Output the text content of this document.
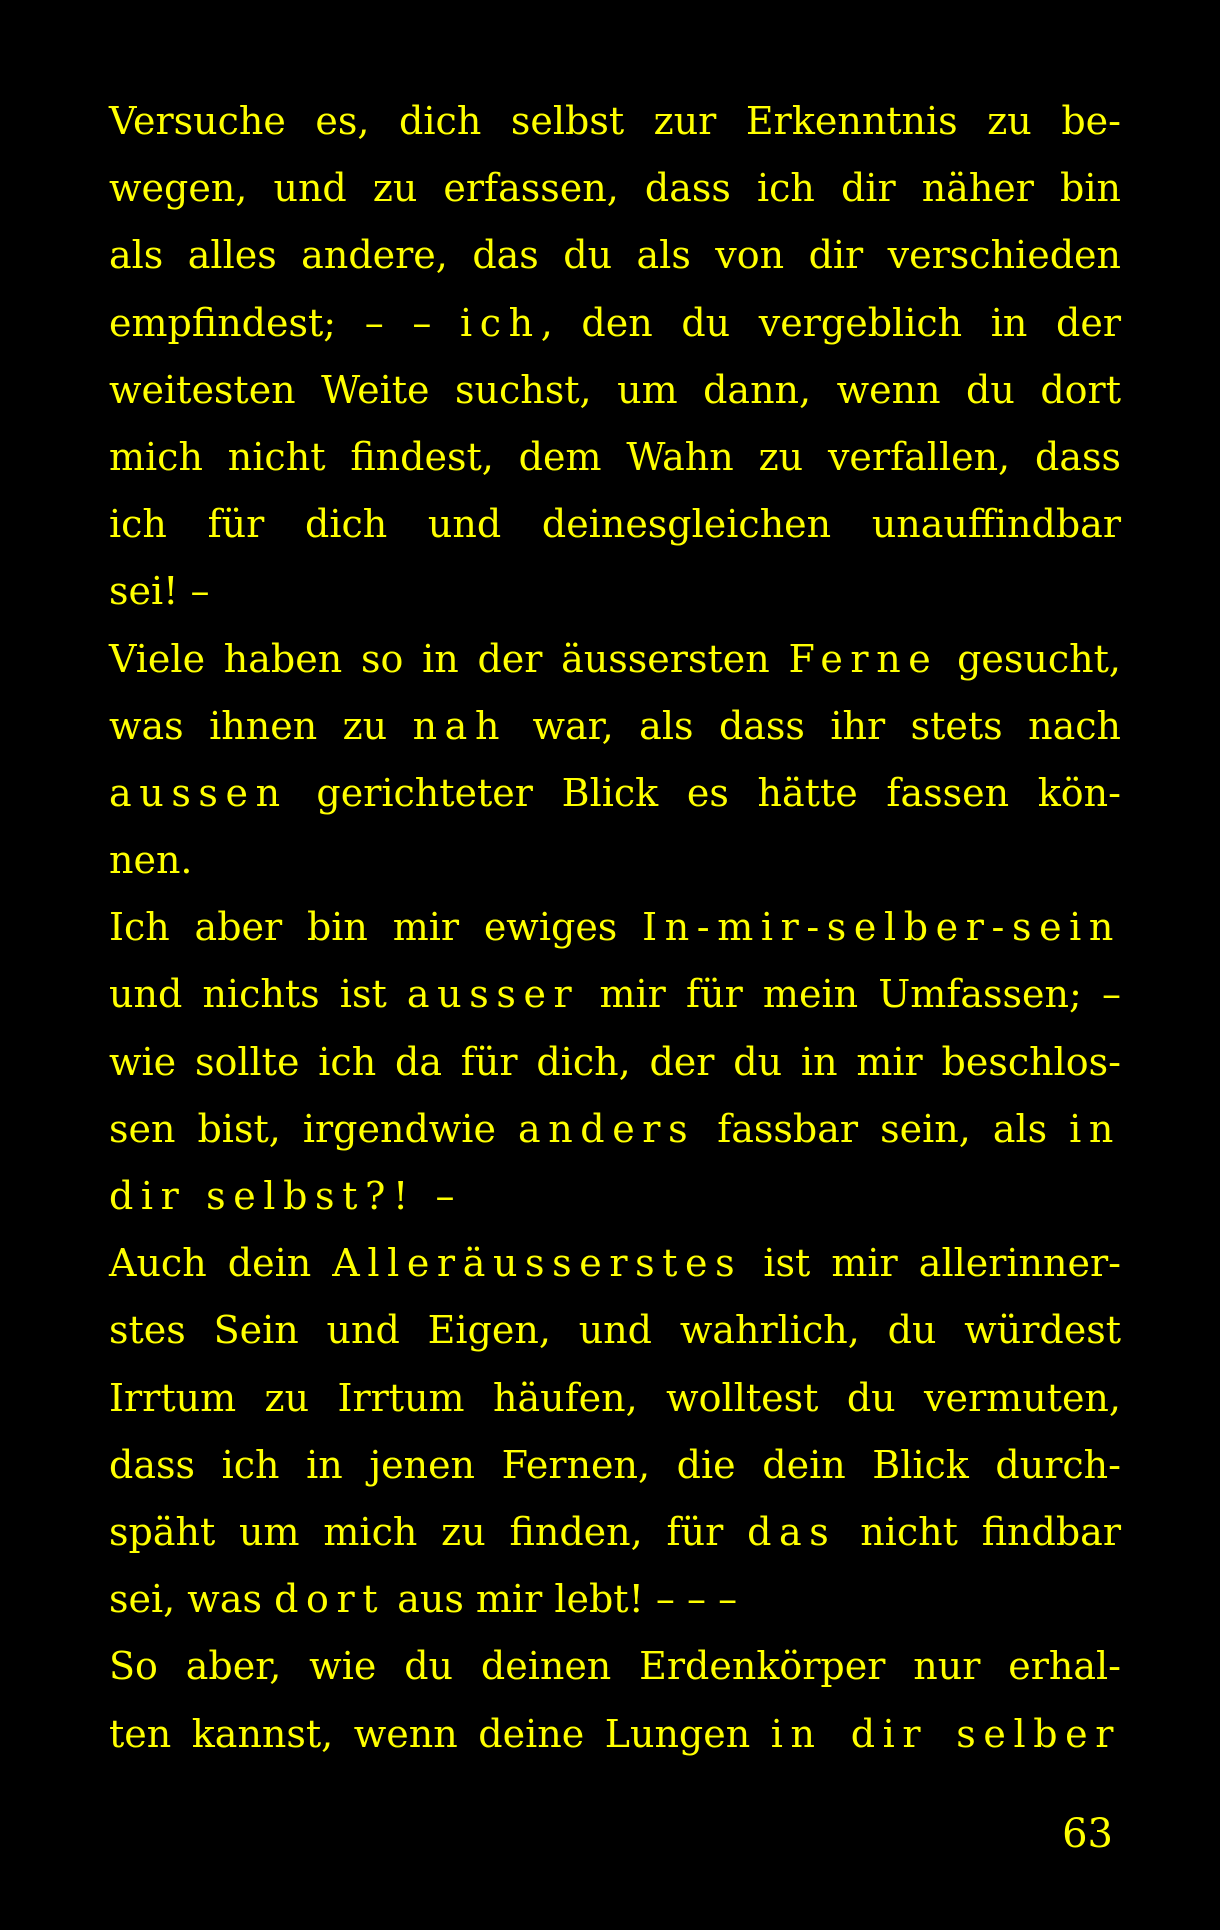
Versuche es, dich selbst zur Erkenntnis zu be-
wegen, und zu erfassen, dass ich dir näher bin
als alles andere, das du als von dir verschieden
empfindest; – – ich, den du vergeblich in der
weitesten Weite suchst, um dann, wenn du dort
mich nicht findest, dem Wahn zu verfallen, dass
ich für dich und deinesgleichen unauffindbar
sei! –
Viele haben so in der äussersten Ferne gesucht,
was ihnen zu nah war, als dass ihr stets nach
aussen gerichteter Blick es hätte fassen kön-
nen.
Ich aber bin mir ewiges In-mir-selber-sein
und nichts ist ausser mir für mein Umfassen; –
wie sollte ich da für dich, der du in mir beschlos-
sen bist, irgendwie anders fassbar sein, als in
dir selbst?! –
Auch dein Alleräusserstes ist mir allerinner-
stes Sein und Eigen, und wahrlich, du würdest
Irrtum zu Irrtum häufen, wolltest du vermuten,
dass ich in jenen Fernen, die dein Blick durch-
späht um mich zu finden, für das nicht findbar
sei, was dort aus mir lebt! – – –
So aber, wie du deinen Erdenkörper nur erhal-
ten kannst, wenn deine Lungen in dir selber
63
